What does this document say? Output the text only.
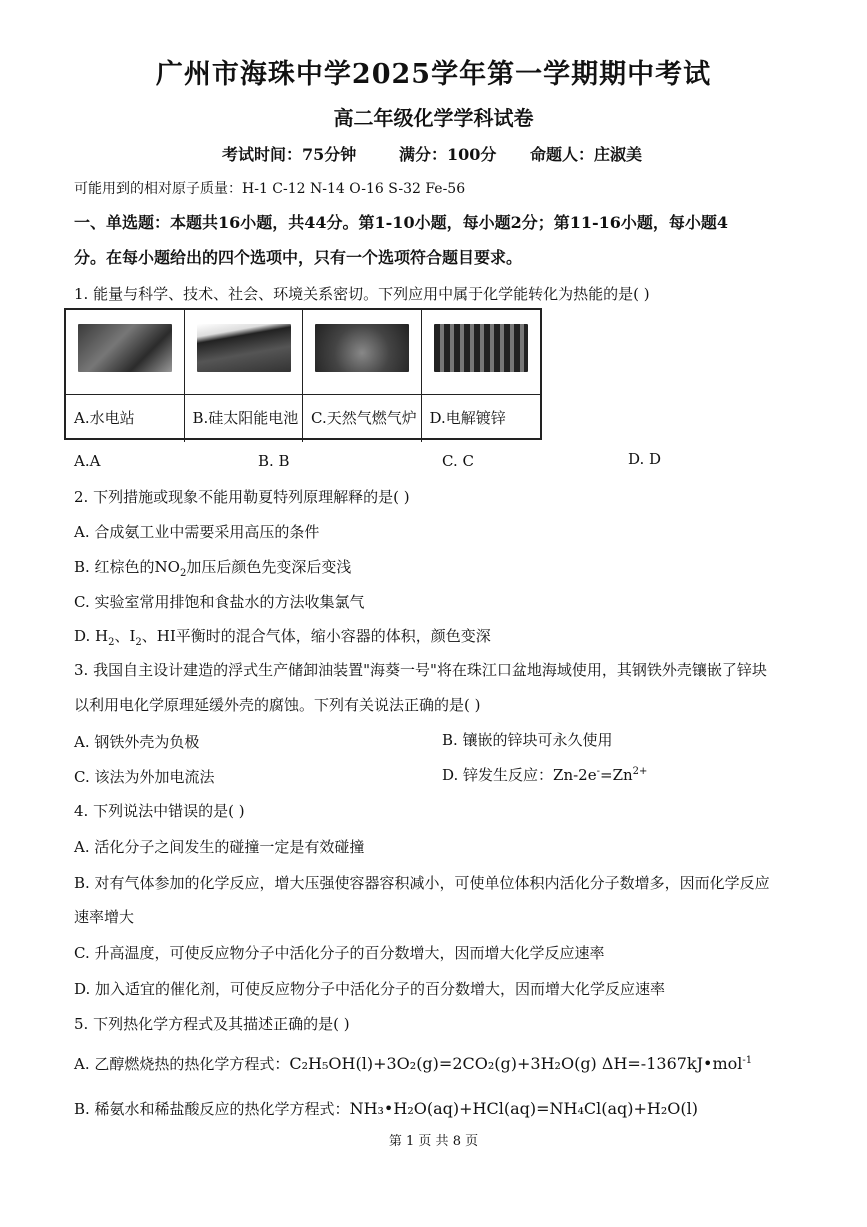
广州市海珠中学2025学年第一学期期中考试
高二年级化学学科试卷
考试时间：75分钟	满分：100分 命题人：庄淑美
可能用到的相对原子质量：H-1 C-12 N-14 O-16 S-32 Fe-56
一、单选题：本题共16小题，共44分。第1-10小题，每小题2分；第11-16小题，每小题4
分。在每小题给出的四个选项中，只有一个选项符合题目要求。
1. 能量与科学、技术、社会、环境关系密切。下列应用中属于化学能转化为热能的是( )
A.水电站	B.硅太阳能电池 C.天然气燃气炉 D.电解镀锌
A.A	B. B	C. C	D. D
2. 下列措施或现象不能用勒夏特列原理解释的是( )
A. 合成氨工业中需要采用高压的条件
B. 红棕色的$NO_2$加压后颜色先变深后变浅
C. 实验室常用排饱和食盐水的方法收集氯气
D. $H_2$、$I_2$、HI平衡时的混合气体，缩小容器的体积，颜色变深
3. 我国自主设计建造的浮式生产储卸油装置"海葵一号"将在珠江口盆地海域使用，其钢铁外壳镶嵌了锌块
以利用电化学原理延缓外壳的腐蚀。下列有关说法正确的是( )
A. 钢铁外壳为负极	B. 镶嵌的锌块可永久使用
C. 该法为外加电流法	D. 锌发生反应：$Zn-2e^-=Zn^{2+}$
4. 下列说法中错误的是( )
A. 活化分子之间发生的碰撞一定是有效碰撞
B. 对有气体参加的化学反应，增大压强使容器容积减小，可使单位体积内活化分子数增多，因而化学反应
速率增大
C. 升高温度，可使反应物分子中活化分子的百分数增大，因而增大化学反应速率
D. 加入适宜的催化剂，可使反应物分子中活化分子的百分数增大，因而增大化学反应速率
5. 下列热化学方程式及其描述正确的是( )
A. 乙醇燃烧热的热化学方程式：C₂H₅OH(l)+3O₂(g)=2CO₂(g)+3H₂O(g) ΔH=-1367kJ•mol$^{-1}$
B. 稀氨水和稀盐酸反应的热化学方程式：NH₃•H₂O(aq)+HCl(aq)=NH₄Cl(aq)+H₂O(l)
第 1 页 共 8 页
